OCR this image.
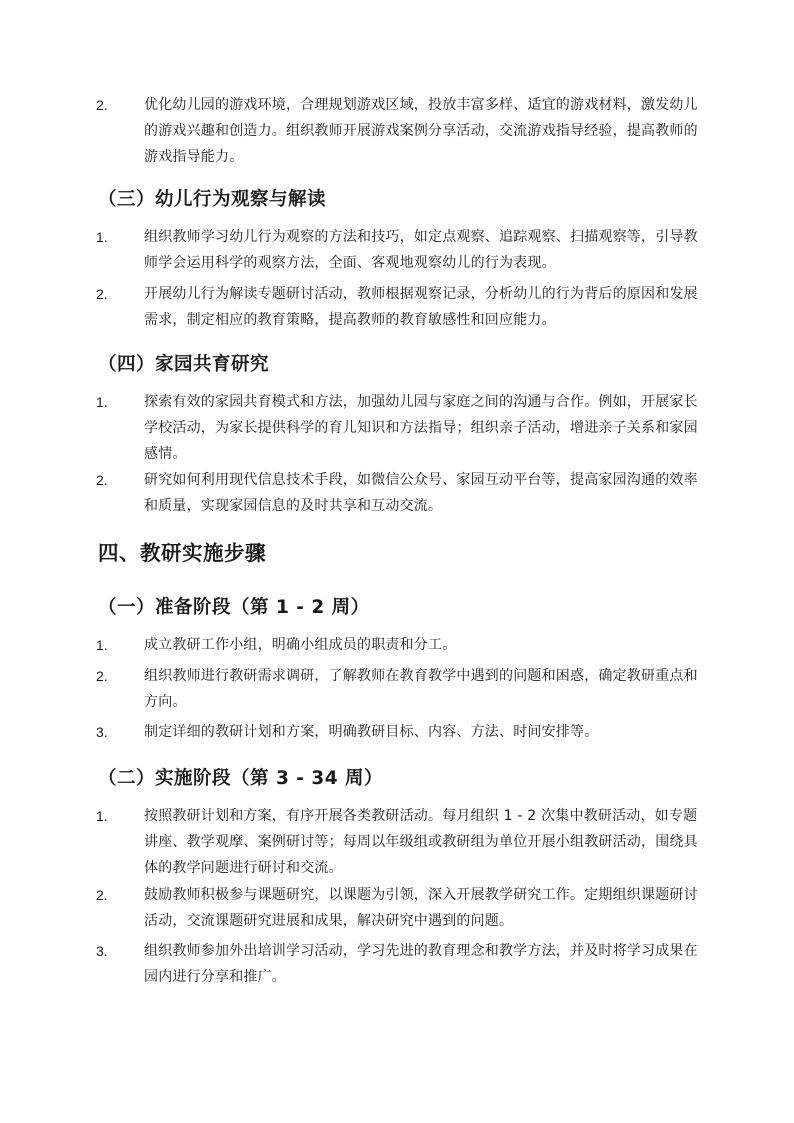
2.	优化幼儿园的游戏环境，合理规划游戏区域，投放丰富多样、适宜的游戏材料，激发幼儿的游戏兴趣和创造力。组织教师开展游戏案例分享活动，交流游戏指导经验，提高教师的游戏指导能力。
（三）幼儿行为观察与解读
1.	组织教师学习幼儿行为观察的方法和技巧，如定点观察、追踪观察、扫描观察等，引导教师学会运用科学的观察方法，全面、客观地观察幼儿的行为表现。
2.	开展幼儿行为解读专题研讨活动，教师根据观察记录，分析幼儿的行为背后的原因和发展需求，制定相应的教育策略，提高教师的教育敏感性和回应能力。
（四）家园共育研究
1.	探索有效的家园共育模式和方法，加强幼儿园与家庭之间的沟通与合作。例如，开展家长学校活动，为家长提供科学的育儿知识和方法指导；组织亲子活动，增进亲子关系和家园感情。
2.	研究如何利用现代信息技术手段，如微信公众号、家园互动平台等，提高家园沟通的效率和质量，实现家园信息的及时共享和互动交流。
四、教研实施步骤
（一）准备阶段（第 1 - 2 周）
1.	成立教研工作小组，明确小组成员的职责和分工。
2.	组织教师进行教研需求调研，了解教师在教育教学中遇到的问题和困惑，确定教研重点和方向。
3.	制定详细的教研计划和方案，明确教研目标、内容、方法、时间安排等。
（二）实施阶段（第 3 - 34 周）
1.	按照教研计划和方案，有序开展各类教研活动。每月组织 1 - 2 次集中教研活动，如专题讲座、教学观摩、案例研讨等；每周以年级组或教研组为单位开展小组教研活动，围绕具体的教学问题进行研讨和交流。
2.	鼓励教师积极参与课题研究，以课题为引领，深入开展教学研究工作。定期组织课题研讨活动，交流课题研究进展和成果，解决研究中遇到的问题。
3.	组织教师参加外出培训学习活动，学习先进的教育理念和教学方法，并及时将学习成果在园内进行分享和推广。
